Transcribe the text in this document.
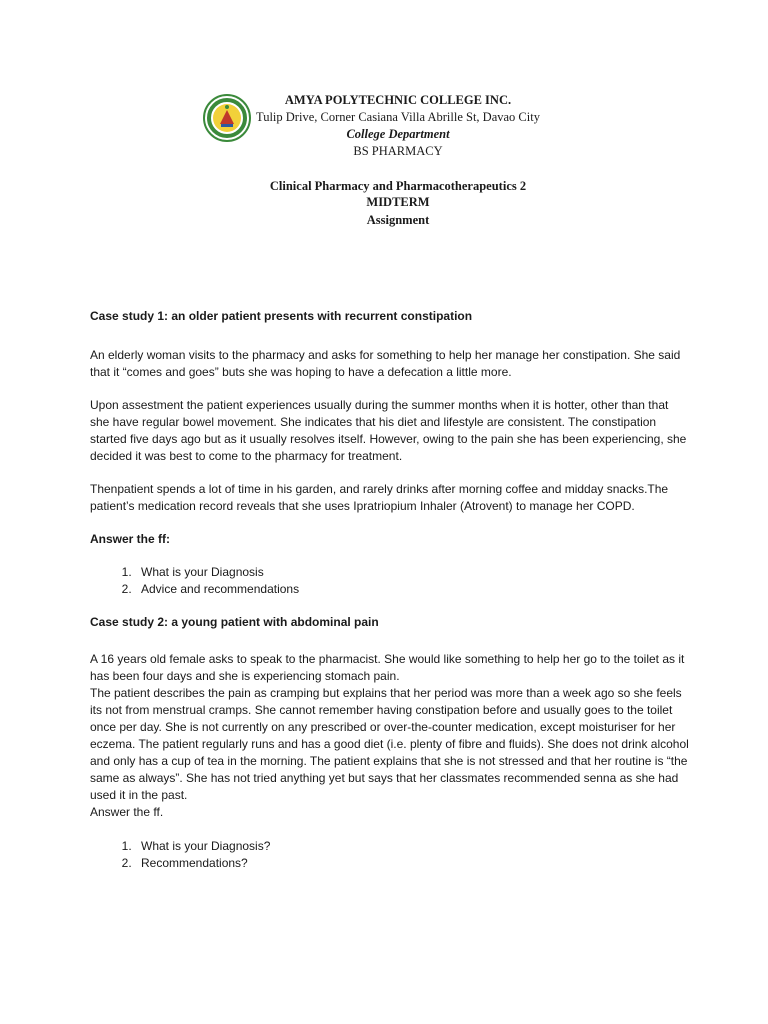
AMYA POLYTECHNIC COLLEGE INC.
Tulip Drive, Corner Casiana Villa Abrille St, Davao City
College Department
BS PHARMACY
Clinical Pharmacy and Pharmacotherapeutics 2
MIDTERM
Assignment

Case study 1: an older patient presents with recurrent constipation

An elderly woman visits to the pharmacy and asks for something to help her manage her constipation. She said that it “comes and goes” buts she was hoping to have a defecation a little more.

Upon assestment the patient experiences usually during the summer months when it is hotter, other than that she have regular bowel movement. She indicates that his diet and lifestyle are consistent. The constipation started five days ago but as it usually resolves itself. However, owing to the pain she has been experiencing, she decided it was best to come to the pharmacy for treatment.

Thenpatient spends a lot of time in his garden, and rarely drinks after morning coffee and midday snacks.The patient’s medication record reveals that she uses Ipratriopium Inhaler (Atrovent) to manage her COPD.

Answer the ff:

1. What is your Diagnosis
2. Advice and recommendations

Case study 2: a young patient with abdominal pain

A 16 years old female asks to speak to the pharmacist. She would like something to help her go to the toilet as it has been four days and she is experiencing stomach pain.

The patient describes the pain as cramping but explains that her period was more than a week ago so she feels its not from menstrual cramps. She cannot remember having constipation before and usually goes to the toilet once per day. She is not currently on any prescribed or over-the-counter medication, except moisturiser for her eczema. The patient regularly runs and has a good diet (i.e. plenty of fibre and fluids). She does not drink alcohol and only has a cup of tea in the morning. The patient explains that she is not stressed and that her routine is “the same as always”. She has not tried anything yet but says that her classmates recommended senna as she had used it in the past.

Answer the ff.

1. What is your Diagnosis?
2. Recommendations?
